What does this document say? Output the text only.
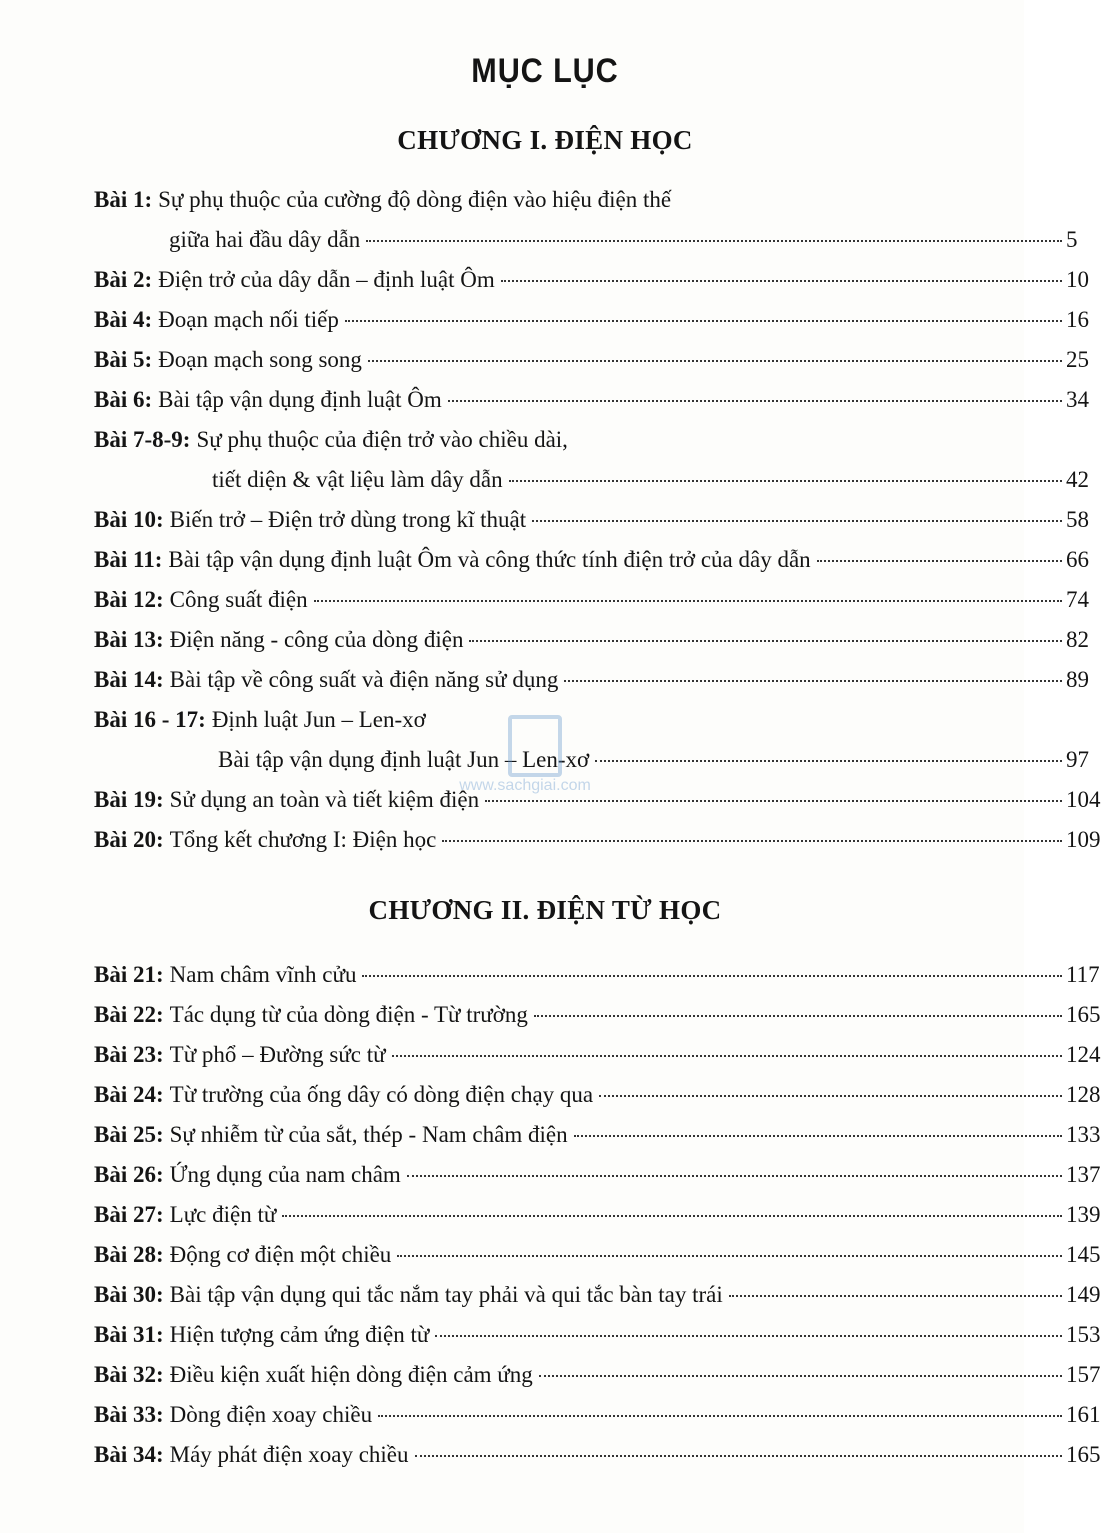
MỤC LỤC
CHƯƠNG I. ĐIỆN HỌC
Bài 1: Sự phụ thuộc của cường độ dòng điện vào hiệu điện thế
giữa hai đầu dây dẫn	5
Bài 2: Điện trở của dây dẫn – định luật Ôm	10
Bài 4: Đoạn mạch nối tiếp	16
Bài 5: Đoạn mạch song song	25
Bài 6: Bài tập vận dụng định luật Ôm	34
Bài 7-8-9: Sự phụ thuộc của điện trở vào chiều dài,
tiết diện & vật liệu làm dây dẫn	42
Bài 10: Biến trở – Điện trở dùng trong kĩ thuật	58
Bài 11: Bài tập vận dụng định luật Ôm và công thức tính điện trở của dây dẫn	66
Bài 12: Công suất điện	74
Bài 13: Điện năng - công của dòng điện	82
Bài 14: Bài tập về công suất và điện năng sử dụng	89
Bài 16 - 17: Định luật Jun – Len-xơ
Bài tập vận dụng định luật Jun – Len-xơ	97
Bài 19: Sử dụng an toàn và tiết kiệm điện	104
Bài 20: Tổng kết chương I: Điện học	109
CHƯƠNG II. ĐIỆN TỪ HỌC
Bài 21: Nam châm vĩnh cửu	117
Bài 22: Tác dụng từ của dòng điện - Từ trường	165
Bài 23: Từ phổ – Đường sức từ	124
Bài 24: Từ trường của ống dây có dòng điện chạy qua	128
Bài 25: Sự nhiễm từ của sắt, thép - Nam châm điện	133
Bài 26: Ứng dụng của nam châm	137
Bài 27: Lực điện từ	139
Bài 28: Động cơ điện một chiều	145
Bài 30: Bài tập vận dụng qui tắc nắm tay phải và qui tắc bàn tay trái	149
Bài 31: Hiện tượng cảm ứng điện từ	153
Bài 32: Điều kiện xuất hiện dòng điện cảm ứng	157
Bài 33: Dòng điện xoay chiều	161
Bài 34: Máy phát điện xoay chiều	165
www.sachgiai.com
